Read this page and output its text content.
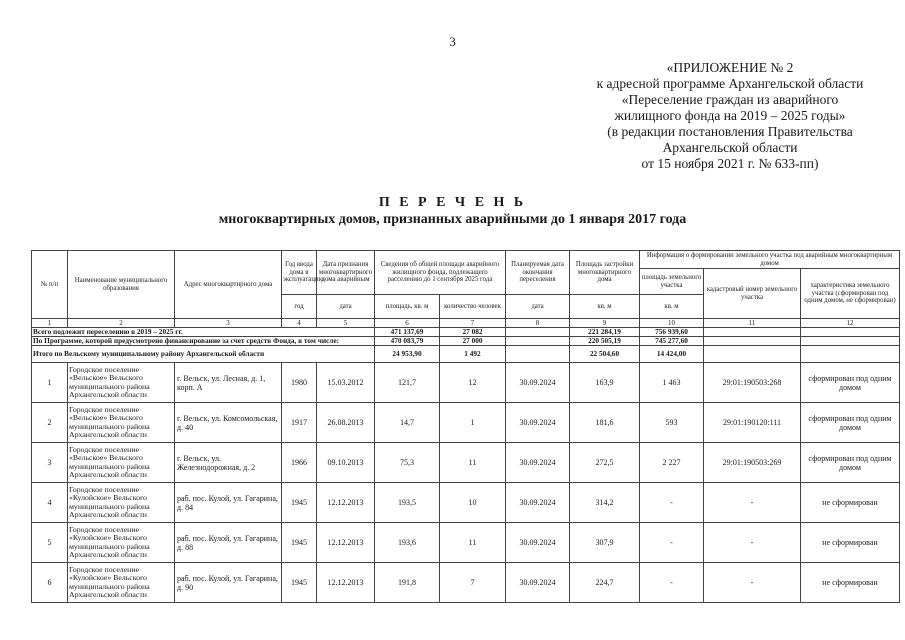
3
«ПРИЛОЖЕНИЕ № 2
к адресной программе Архангельской области
«Переселение граждан из аварийного
жилищного фонда на 2019 – 2025 годы»
(в редакции постановления Правительства
Архангельской области
от 15 ноября 2021 г. № 633-пп)
П Е Р Е Ч Е Н Ь
многоквартирных домов, признанных аварийными до 1 января 2017 года
№ п/п	Наименование муниципального образования	Адрес многоквартирного дома	Год ввода дома в эксплуатацию	Дата признания многоквартирного дома аварийным	Сведения об общей площади аварийного жилищного фонда, подлежащего расселению до 1 сентября 2025 года		Планируемая дата окончания переселения	Площадь застройки многоквартирного дома	Информация о формировании земельного участка под аварийным многоквартирным домом		
									площадь земельного участка	кадастровый номер земельного участка	характеристика земельного участка (сформирован под одним домом, не сформирован)
			год	дата	площадь, кв. м	количество человек	дата	кв. м	кв. м		
1	2	3	4	5	6	7	8	9	10	11	12
Всего подлежит переселению в 2019 – 2025 гг.					471 137,69	27 082		221 284,19	756 939,60		
По Программе, которой предусмотрено финансирование за счет средств Фонда, в том числе:					470 083,79	27 000		220 505,19	745 277,60		
Итого по Вельскому муниципальному району Архангельской области					24 953,90	1 492		22 504,60	14 424,00		
1	Городское поселение «Вельское» Вельского муниципального района Архангельской области	г. Вельск, ул. Лесная, д. 1, корп. А	1980	15.03.2012	121,7	12	30.09.2024	163,9	1 463	29:01:190503:268	сформирован под одним домом
2	Городское поселение «Вельское» Вельского муниципального района Архангельской области	г. Вельск, ул. Комсомольская, д. 40	1917	26.08.2013	14,7	1	30.09.2024	181,6	593	29:01:190120:111	сформирован под одним домом
3	Городское поселение «Вельское» Вельского муниципального района Архангельской области	г. Вельск, ул. Железнодорожная, д. 2	1966	09.10.2013	75,3	11	30.09.2024	272,5	2 227	29:01:190503:269	сформирован под одним домом
4	Городское поселение «Кулойское» Вельского муниципального района Архангельской области	раб. пос. Кулой, ул. Гагарина, д. 84	1945	12.12.2013	193,5	10	30.09.2024	314,2	-	-	не сформирован
5	Городское поселение «Кулойское» Вельского муниципального района Архангельской области	раб. пос. Кулой, ул. Гагарина, д. 88	1945	12.12.2013	193,6	11	30.09.2024	307,9	-	-	не сформирован
6	Городское поселение «Кулойское» Вельского муниципального района Архангельской области	раб. пос. Кулой, ул. Гагарина, д. 90	1945	12.12.2013	191,8	7	30.09.2024	224,7	-	-	не сформирован
